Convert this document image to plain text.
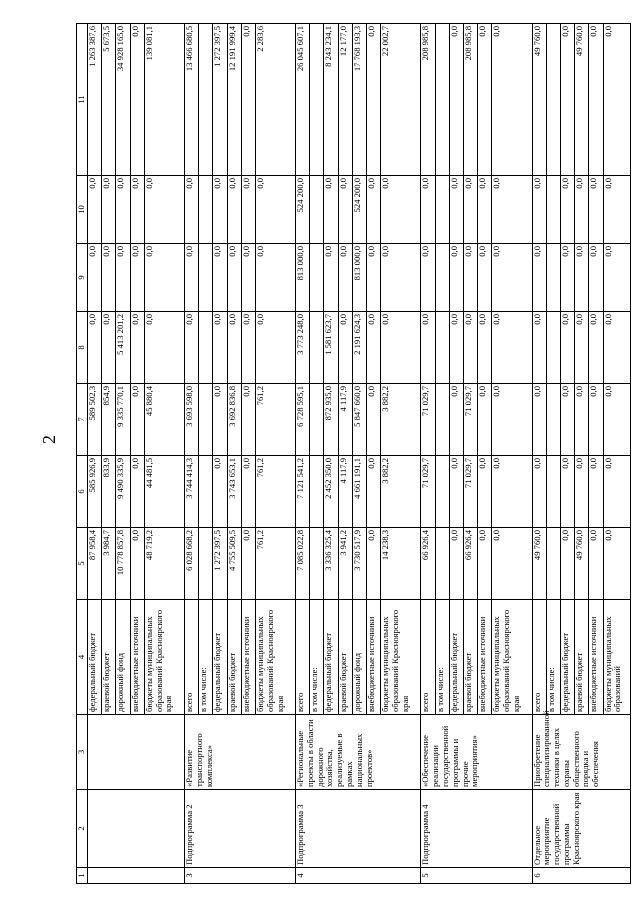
2
1	2	3	4	5	6	7	8	9	10	11
			федеральный бюджет	87 958,4	585 926,9	589 502,3	0,0	0,0	0,0	1 263 387,6
			краевой бюджет	3 984,7	833,9	854,9	0,0	0,0	0,0	5 673,5
			дорожный фонд	10 778 857,8	9 490 335,9	9 335 770,1	5 413 201,2	0,0	0,0	34 928 165,0
			внебюджетные источники	0,0	0,0	0,0	0,0	0,0	0,0	0,0
			бюджеты муниципальных образований Красноярского края	48 719,2	44 481,5	45 880,4	0,0	0,0	0,0	139 081,1
3	Подпрограмма 2	«Развитие транспортного комплекса»	всего	6 028 668,2	3 744 414,3	3 693 598,0	0,0	0,0	0,0	13 466 680,5
			в том числе:							
			федеральный бюджет	1 272 397,5	0,0	0,0	0,0	0,0	0,0	1 272 397,5
			краевой бюджет	4 755 509,5	3 743 653,1	3 692 836,8	0,0	0,0	0,0	12 191 999,4
			внебюджетные источники	0,0	0,0	0,0	0,0	0,0	0,0	0,0
			бюджеты муниципальных образований Красноярского края	761,2	761,2	761,2	0,0	0,0	0,0	2 283,6
4	Подпрограмма 3	«Региональные проекты в области дорожного хозяйства, реализуемые в рамках национальных проектов»	всего	7 085 022,8	7 121 541,2	6 728 595,1	3 773 248,0	813 000,0	524 200,0	26 045 607,1
			в том числе:							
			федеральный бюджет	3 336 325,4	2 452 350,0	872 935,0	1 581 623,7	0,0	0,0	8 243 234,1
			краевой бюджет	3 941,2	4 117,9	4 117,9	0,0	0,0	0,0	12 177,0
			дорожный фонд	3 730 517,9	4 661 191,1	5 847 660,0	2 191 624,3	813 000,0	524 200,0	17 768 193,3
			внебюджетные источники	0,0	0,0	0,0	0,0	0,0	0,0	0,0
			бюджеты муниципальных образований Красноярского края	14 238,3	3 882,2	3 882,2	0,0	0,0	0,0	22 002,7
5	Подпрограмма 4	«Обеспечение реализации государственной программы и прочие мероприятия»	всего	66 926,4	71 029,7	71 029,7	0,0	0,0	0,0	208 985,8
			в том числе:							
			федеральный бюджет	0,0	0,0	0,0	0,0	0,0	0,0	0,0
			краевой бюджет	66 926,4	71 029,7	71 029,7	0,0	0,0	0,0	208 985,8
			внебюджетные источники	0,0	0,0	0,0	0,0	0,0	0,0	0,0
			бюджеты муниципальных образований Красноярского края	0,0	0,0	0,0	0,0	0,0	0,0	0,0
6	Отдельное мероприятие государственной программы Красноярского края	Приобретение специализированной техники в целях охраны общественного порядка и обеспечения	всего	49 760,0	0,0	0,0	0,0	0,0	0,0	49 760,0
			в том числе:							
			федеральный бюджет	0,0	0,0	0,0	0,0	0,0	0,0	0,0
			краевой бюджет	49 760,0	0,0	0,0	0,0	0,0	0,0	49 760,0
			внебюджетные источники	0,0	0,0	0,0	0,0	0,0	0,0	0,0
			бюджеты муниципальных образований	0,0	0,0	0,0	0,0	0,0	0,0	0,0
